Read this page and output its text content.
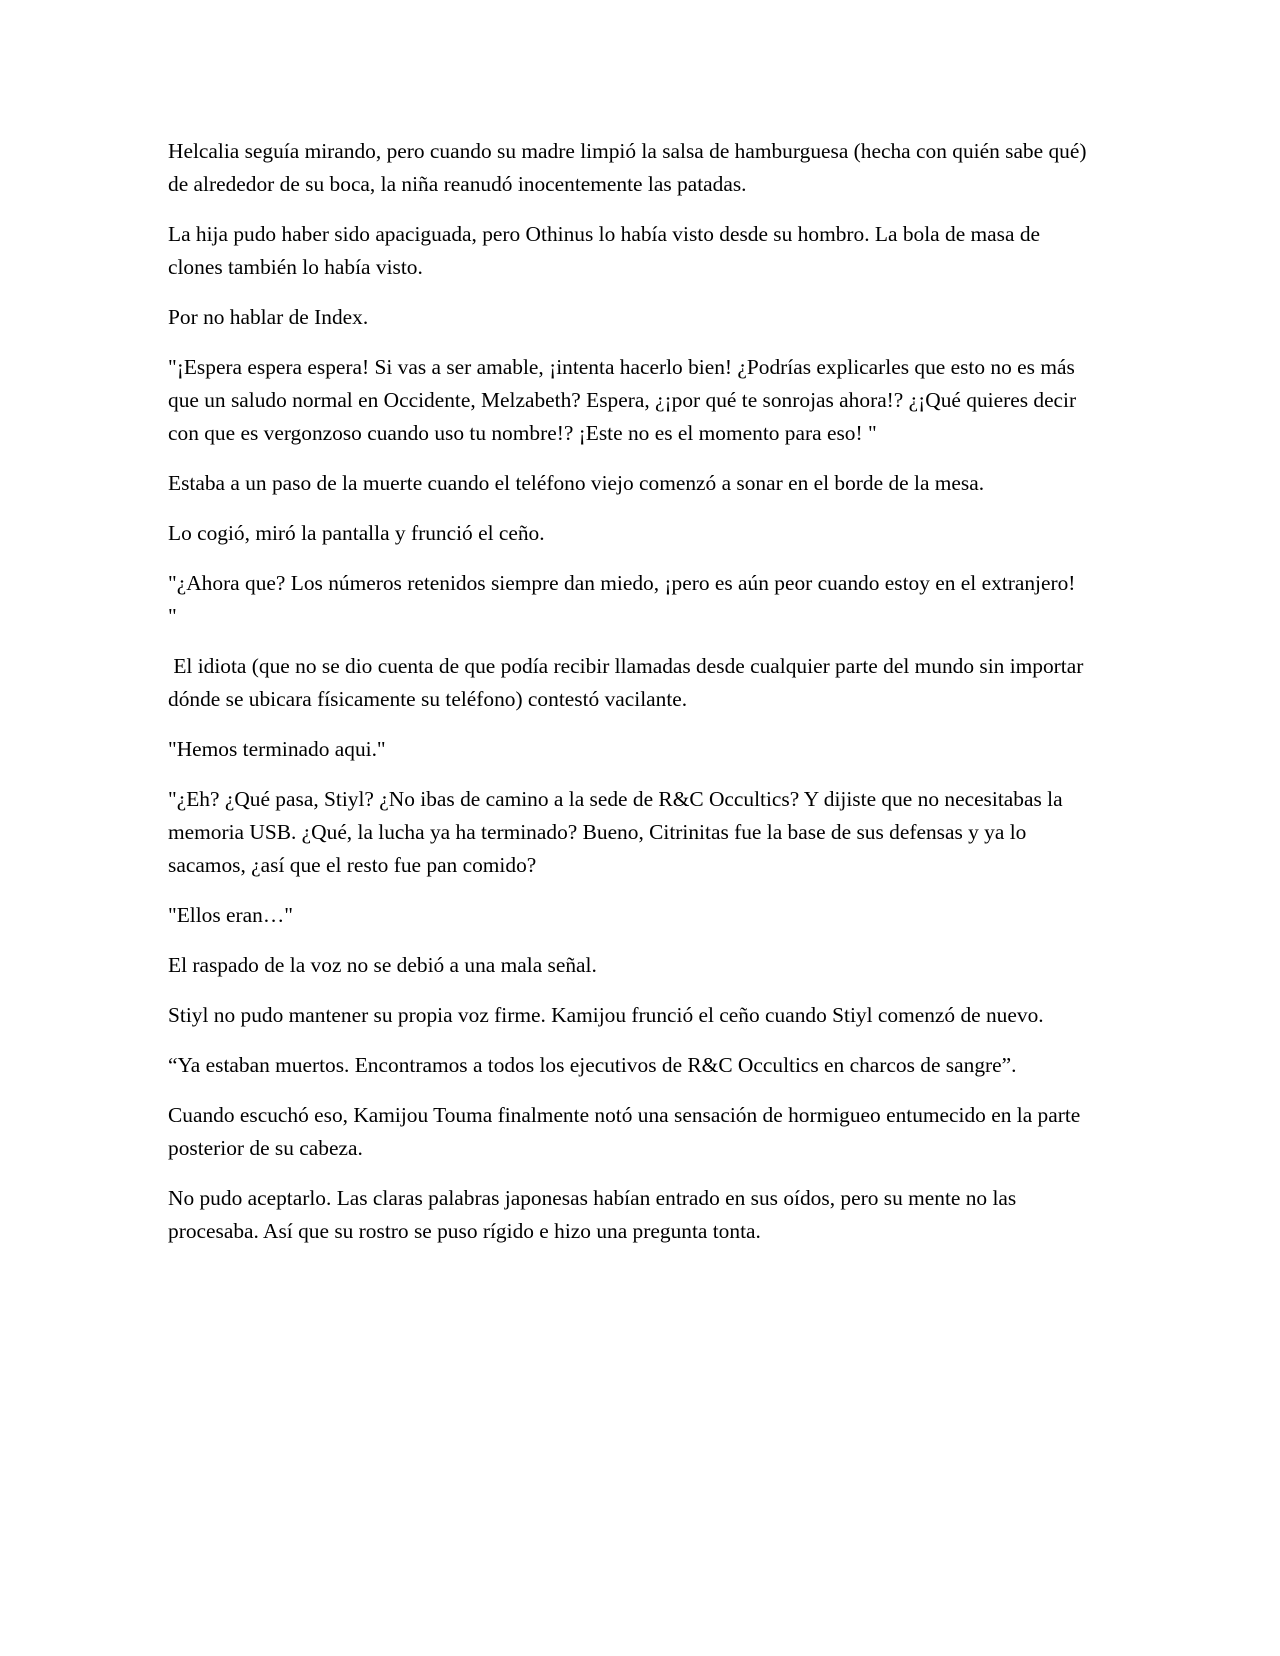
Helcalia seguía mirando, pero cuando su madre limpió la salsa de hamburguesa (hecha con quién sabe qué) de alrededor de su boca, la niña reanudó inocentemente las patadas.

La hija pudo haber sido apaciguada, pero Othinus lo había visto desde su hombro. La bola de masa de clones también lo había visto.

Por no hablar de Index.

"¡Espera espera espera! Si vas a ser amable, ¡intenta hacerlo bien! ¿Podrías explicarles que esto no es más que un saludo normal en Occidente, Melzabeth? Espera, ¿¡por qué te sonrojas ahora!? ¿¡Qué quieres decir con que es vergonzoso cuando uso tu nombre!? ¡Este no es el momento para eso! "

Estaba a un paso de la muerte cuando el teléfono viejo comenzó a sonar en el borde de la mesa.

Lo cogió, miró la pantalla y frunció el ceño.

"¿Ahora que? Los números retenidos siempre dan miedo, ¡pero es aún peor cuando estoy en el extranjero! "

El idiota (que no se dio cuenta de que podía recibir llamadas desde cualquier parte del mundo sin importar dónde se ubicara físicamente su teléfono) contestó vacilante.

"Hemos terminado aqui."

"¿Eh? ¿Qué pasa, Stiyl? ¿No ibas de camino a la sede de R&C Occultics? Y dijiste que no necesitabas la memoria USB. ¿Qué, la lucha ya ha terminado? Bueno, Citrinitas fue la base de sus defensas y ya lo sacamos, ¿así que el resto fue pan comido?

"Ellos eran…"

El raspado de la voz no se debió a una mala señal.

Stiyl no pudo mantener su propia voz firme. Kamijou frunció el ceño cuando Stiyl comenzó de nuevo.

“Ya estaban muertos. Encontramos a todos los ejecutivos de R&C Occultics en charcos de sangre”.

Cuando escuchó eso, Kamijou Touma finalmente notó una sensación de hormigueo entumecido en la parte posterior de su cabeza.

No pudo aceptarlo. Las claras palabras japonesas habían entrado en sus oídos, pero su mente no las procesaba. Así que su rostro se puso rígido e hizo una pregunta tonta.
